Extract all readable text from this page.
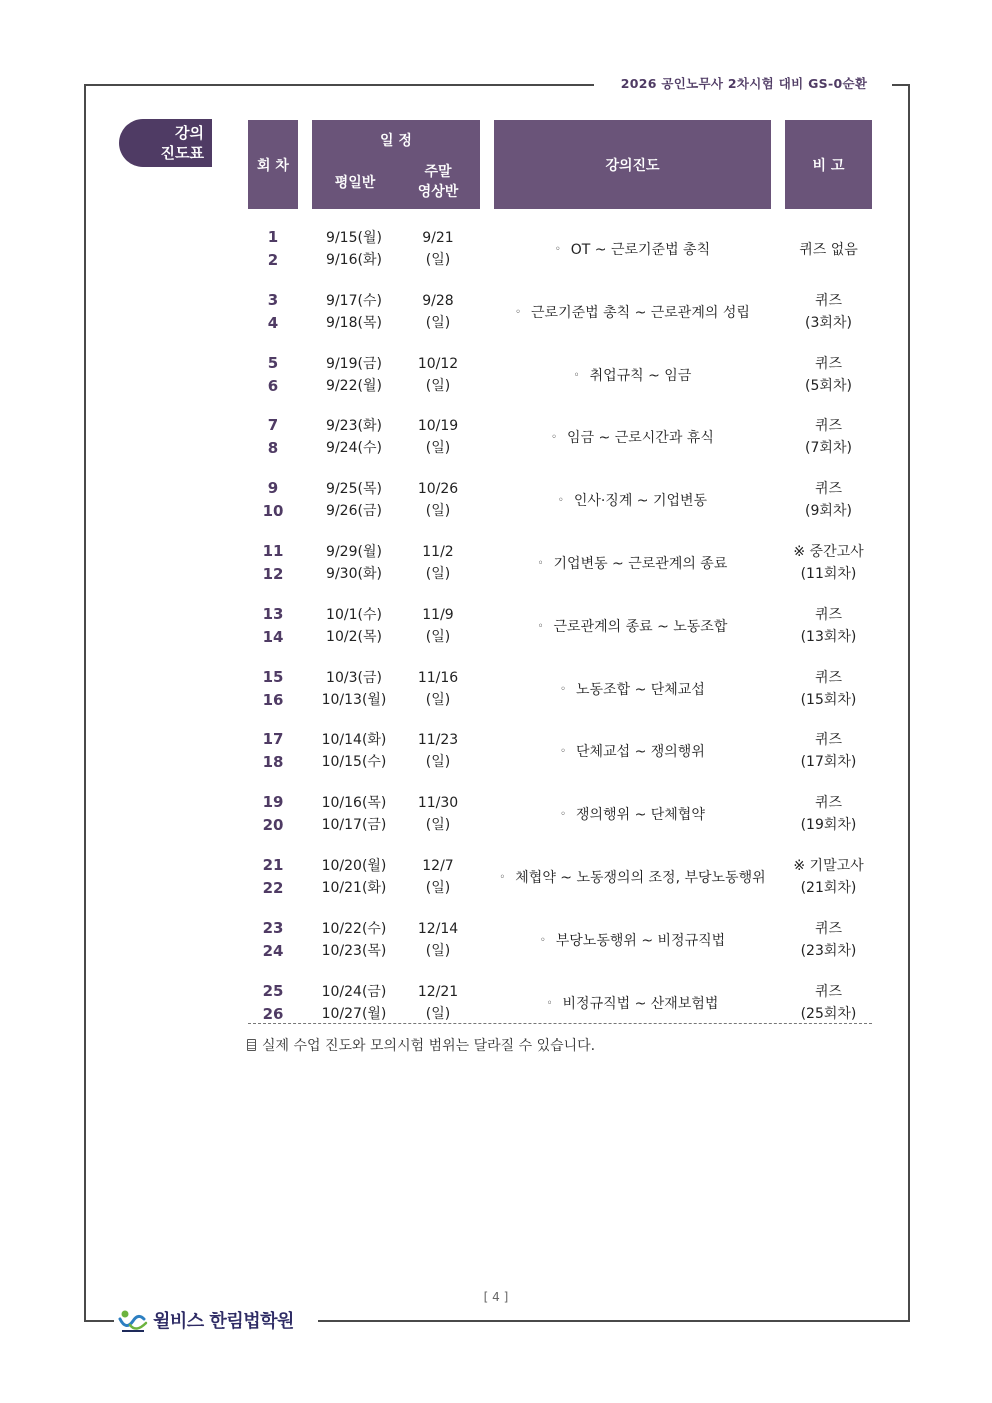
2026 공인노무사 2차시험 대비 GS-0순환
강의
진도표
회 차
일 정
평일반
주말
영상반
강의진도	비 고
1
2
9/15(월)
9/16(화)
9/21
(일)
◦ OT ~ 근로기준법 총칙	퀴즈 없음
3
4
9/17(수)
9/18(목)
9/28
(일)
◦ 근로기준법 총칙 ~ 근로관계의 성립
퀴즈
(3회차)
5
6
9/19(금)
9/22(월)
10/12
(일)
◦ 취업규칙 ~ 임금
퀴즈
(5회차)
7
8
9/23(화)
9/24(수)
10/19
(일)
◦ 임금 ~ 근로시간과 휴식
퀴즈
(7회차)
9
10
9/25(목)
9/26(금)
10/26
(일)
◦ 인사·징계 ~ 기업변동
퀴즈
(9회차)
11
12
9/29(월)
9/30(화)
11/2
(일)
◦ 기업변동 ~ 근로관계의 종료
※ 중간고사
(11회차)
13
14
10/1(수)
10/2(목)
11/9
(일)
◦ 근로관계의 종료 ~ 노동조합
퀴즈
(13회차)
15
16
10/3(금)
10/13(월)
11/16
(일)
◦ 노동조합 ~ 단체교섭
퀴즈
(15회차)
17
18
10/14(화)
10/15(수)
11/23
(일)
◦ 단체교섭 ~ 쟁의행위
퀴즈
(17회차)
19
20
10/16(목)
10/17(금)
11/30
(일)
◦ 쟁의행위 ~ 단체협약
퀴즈
(19회차)
21
22
10/20(월)
10/21(화)
12/7
(일)
◦ 체협약 ~ 노동쟁의의 조정, 부당노동행위
※ 기말고사
(21회차)
23
24
10/22(수)
10/23(목)
12/14
(일)
◦ 부당노동행위 ~ 비정규직법
퀴즈
(23회차)
25
26
10/24(금)
10/27(월)
12/21
(일)
◦ 비정규직법 ~ 산재보험법
퀴즈
(25회차)
실제 수업 진도와 모의시험 범위는 달라질 수 있습니다.
[ 4 ]
윌비스 한림법학원
